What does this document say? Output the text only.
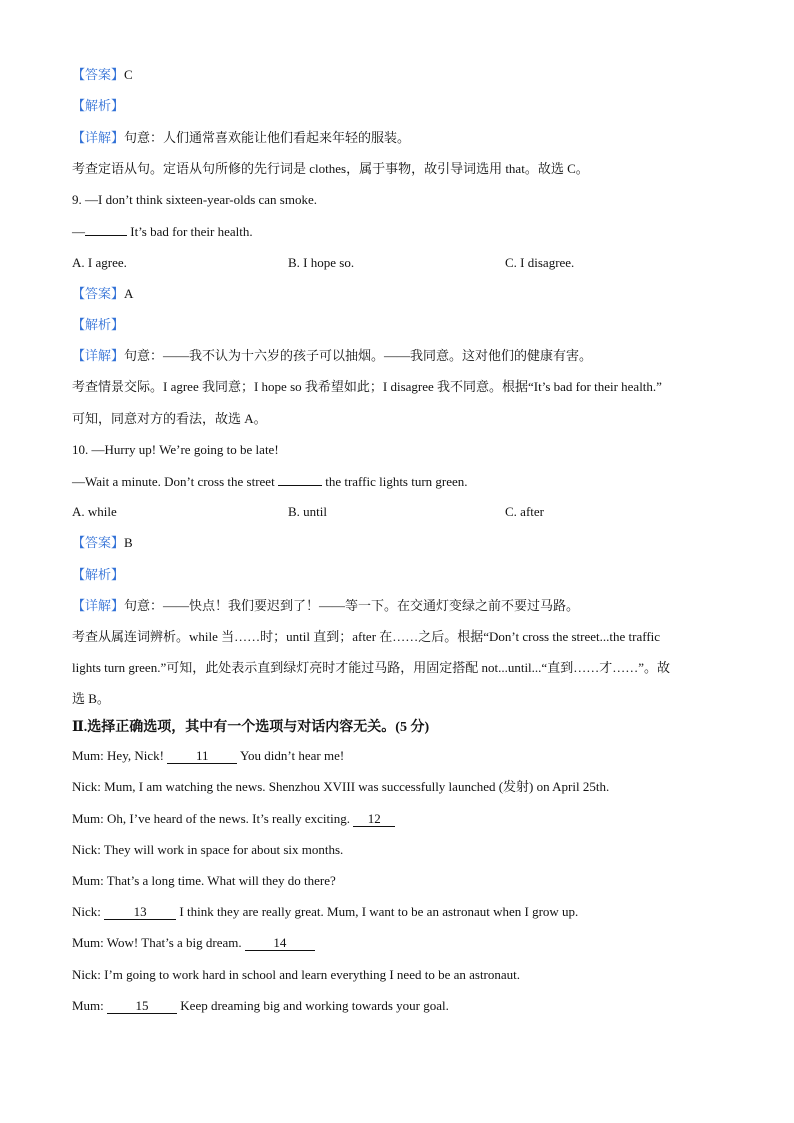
【答案】C
【解析】
【详解】句意：人们通常喜欢能让他们看起来年轻的服装。
考查定语从句。定语从句所修的先行词是 clothes，属于事物，故引导词选用 that。故选 C。
9. —I don’t think sixteen-year-olds can smoke.
—	It’s bad for their health.
A. I agree.	B. I hope so.	C. I disagree.
【答案】A
【解析】
【详解】句意：——我不认为十六岁的孩子可以抽烟。——我同意。这对他们的健康有害。
考查情景交际。I agree 我同意；I hope so 我希望如此；I disagree 我不同意。根据“It’s bad for their health.”
可知，同意对方的看法，故选 A。
10. —Hurry up! We’re going to be late!
—Wait a minute. Don’t cross the street	the traffic lights turn green.
A. while	B. until	C. after
【答案】B
【解析】
【详解】句意：——快点！我们要迟到了！——等一下。在交通灯变绿之前不要过马路。
考查从属连词辨析。while 当……时；until 直到；after 在……之后。根据“Don’t cross the street...the traffic
lights turn green.”可知，此处表示直到绿灯亮时才能过马路，用固定搭配 not...until...“直到……才……”。故
选 B。
Ⅱ.选择正确选项，其中有一个选项与对话内容无关。(5 分)
Mum: Hey, Nick! 11 You didn’t hear me!
Nick: Mum, I am watching the news. Shenzhou XVIII was successfully launched (发射) on April 25th.
Mum: Oh, I’ve heard of the news. It’s really exciting. 12
Nick: They will work in space for about six months.
Mum: That’s a long time. What will they do there?
Nick: 13 I think they are really great. Mum, I want to be an astronaut when I grow up.
Mum: Wow! That’s a big dream. 14
Nick: I’m going to work hard in school and learn everything I need to be an astronaut.
Mum: 15 Keep dreaming big and working towards your goal.
